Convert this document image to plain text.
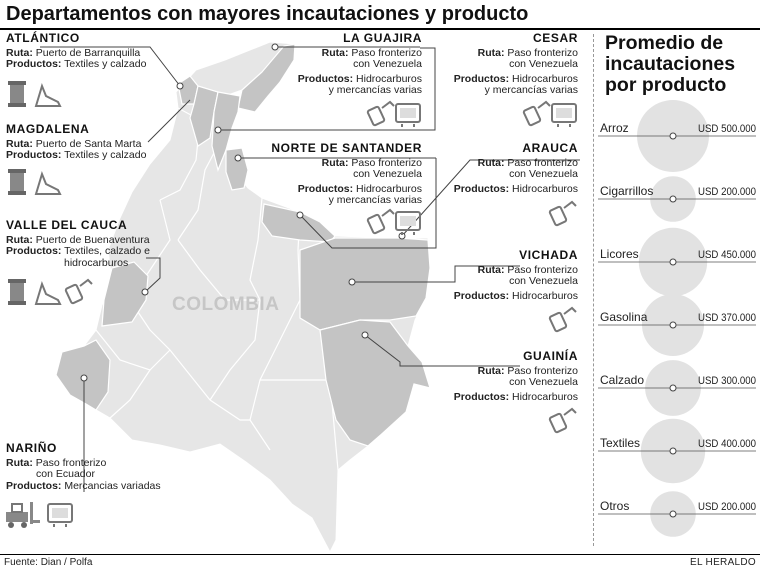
Departamentos con mayores incautaciones y producto
COLOMBIA
ATLÁNTICO
Ruta: Puerto de Barranquilla
Productos: Textiles y calzado
MAGDALENA
Ruta: Puerto de Santa Marta
Productos: Textiles y calzado
VALLE DEL CAUCA
Ruta: Puerto de Buenaventura
Productos: Textiles, calzado e
hidrocarburos
NARIÑO
Ruta: Paso fronterizo
con Ecuador
Productos: Mercancias variadas
LA GUAJIRA
Ruta: Paso fronterizo
con Venezuela
Productos: Hidrocarburos
y mercancías varias
CESAR
Ruta: Paso fronterizo
con Venezuela
Productos: Hidrocarburos
y mercancías varias
NORTE DE SANTANDER
Ruta: Paso fronterizo
con Venezuela
Productos: Hidrocarburos
y mercancías varias
ARAUCA
Ruta: Paso fronterizo
con Venezuela
Productos: Hidrocarburos
VICHADA
Ruta: Paso fronterizo
con Venezuela
Productos: Hidrocarburos
GUAINÍA
Ruta: Paso fronterizo
con Venezuela
Productos: Hidrocarburos
Promedio de
incautaciones
por producto
Arroz	USD 500.000
Cigarrillos	USD 200.000
Licores	USD 450.000
Gasolina	USD 370.000
Calzado	USD 300.000
Textiles	USD 400.000
Otros	USD 200.000
Fuente: Dian / Polfa	EL HERALDO
